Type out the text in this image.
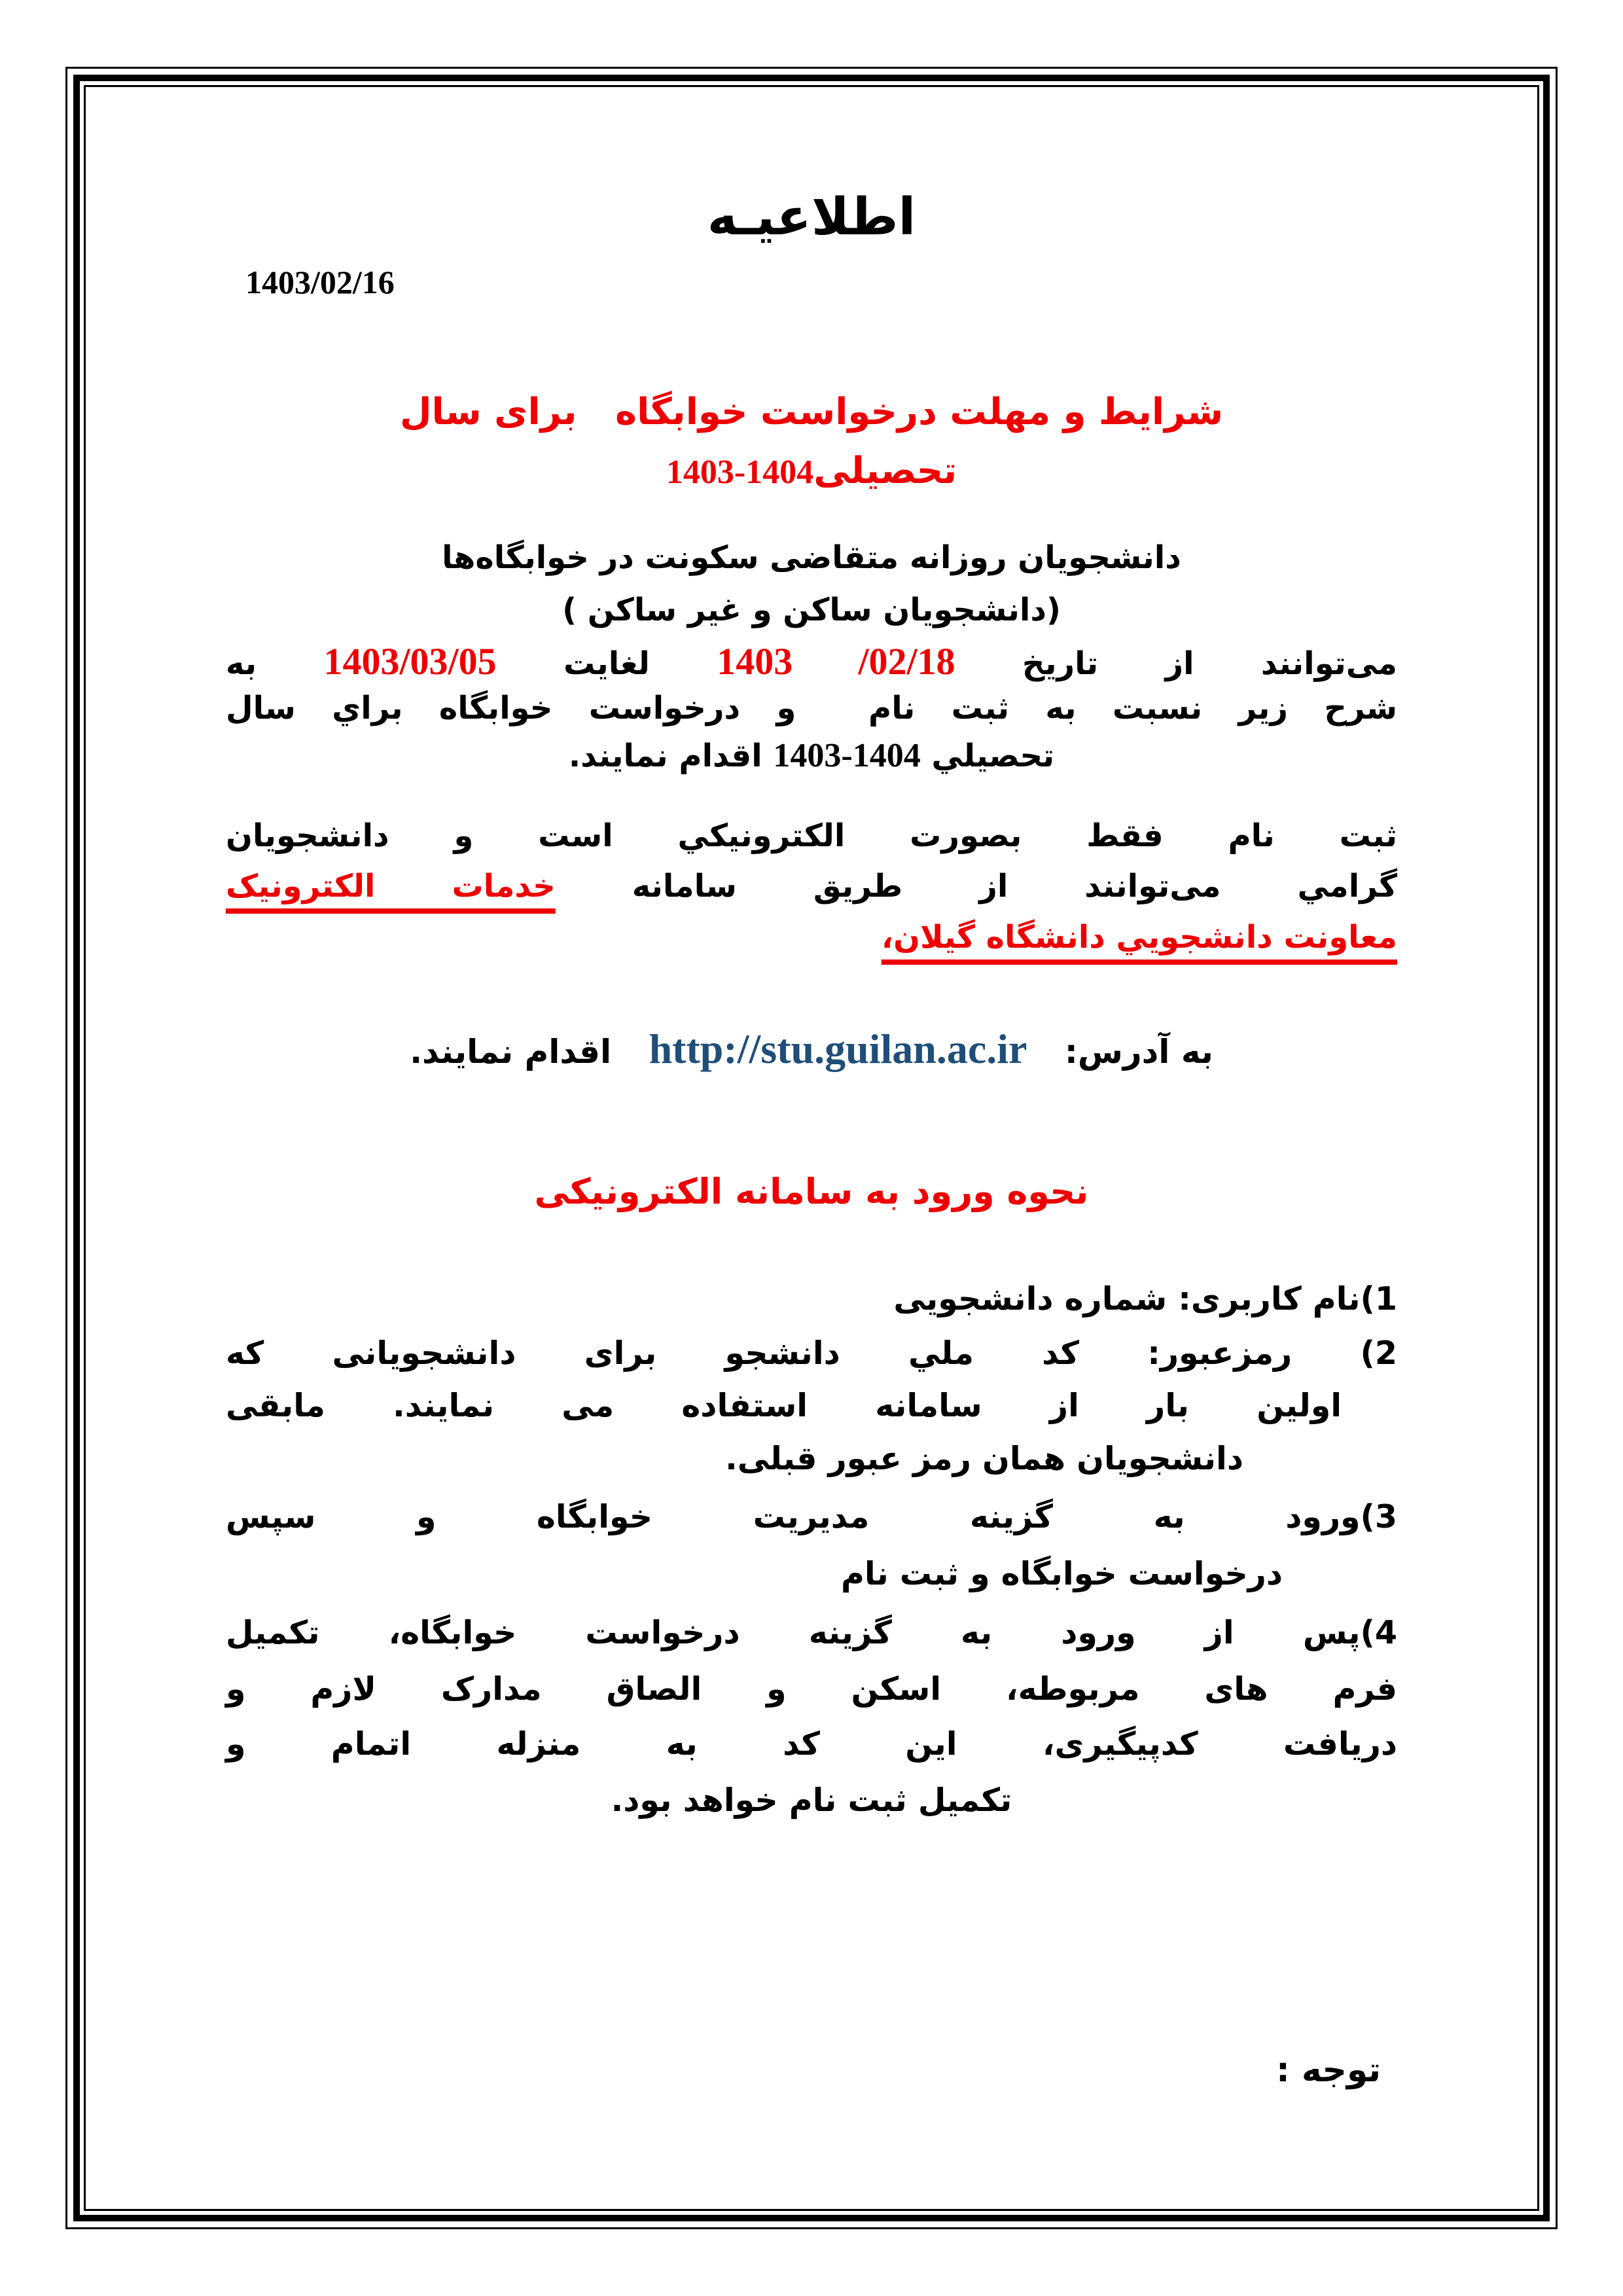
اطلاعيـه
1403/02/16
شرایط و مهلت درخواست خوابگاه   برای سال
تحصیلی1403-1404
دانشجویان روزانه متقاضی سکونت در خوابگاه‌ها
(دانشجویان ساکن و غیر ساکن )
می‌توانند از تاریخ 1403 /02/18 لغایت 1403/03/05 به
شرح زیر نسبت به ثبت نام  و درخواست خوابگاه براي سال
تحصیلي 1403-1404 اقدام نمایند.
ثبت نام فقط بصورت الکترونیکي است و دانشجویان
گرامي می‌توانند از طریق سامانه خدمات الکترونیک
معاونت دانشجویي دانشگاه گیلان،
به آدرس: http://stu.guilan.ac.ir اقدام نمایند.
نحوه ورود به سامانه الکترونیکی
1)نام کاربری: شماره دانشجویی
2) رمزعبور: کد ملي دانشجو برای دانشجویانی که
اولین بار از سامانه استفاده می نمایند. مابقی
دانشجویان همان رمز عبور قبلی.
3)ورود به گزینه مدیریت خوابگاه و سپس
درخواست خوابگاه و ثبت نام
4)پس از ورود به گزینه درخواست خوابگاه، تکمیل
فرم های مربوطه، اسکن و الصاق مدارک لازم و
دریافت کدپیگیری، این کد به منزله اتمام و
تکمیل ثبت نام خواهد بود.
توجه :
